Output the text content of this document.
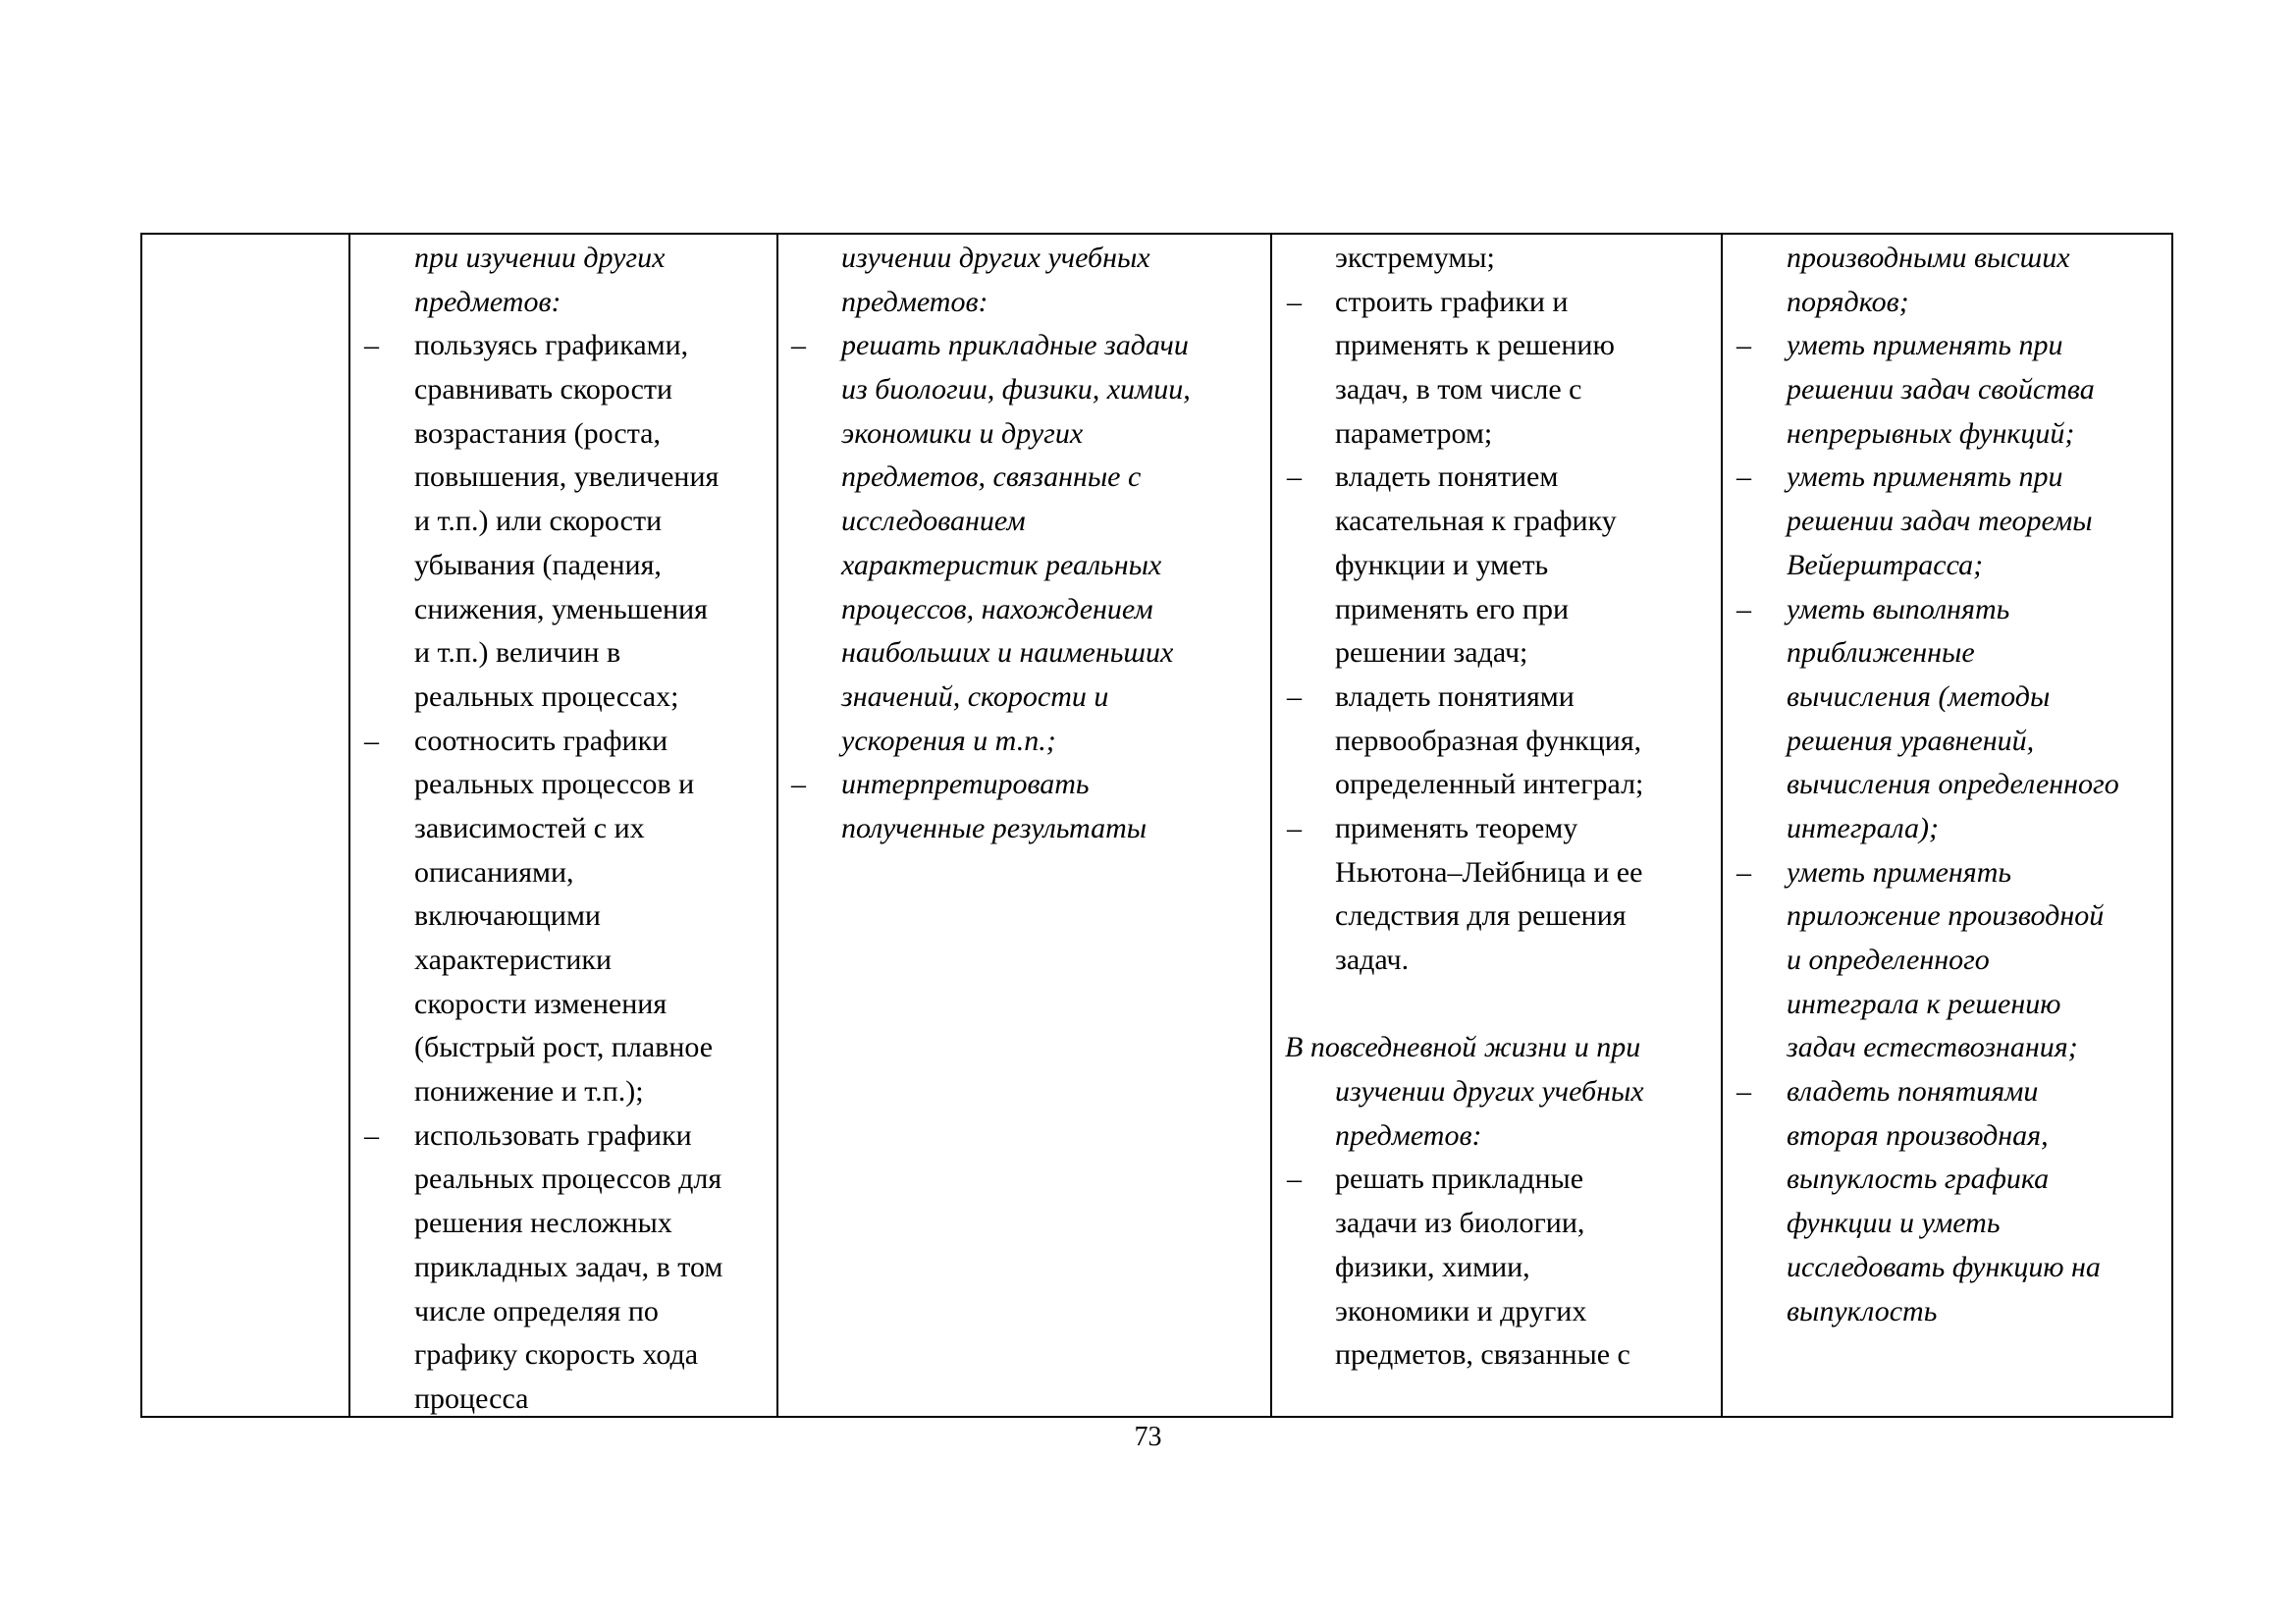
при изучении других
предметов:
– пользуясь графиками,
сравнивать скорости
возрастания (роста,
повышения, увеличения
и т.п.) или скорости
убывания (падения,
снижения, уменьшения
и т.п.) величин в
реальных процессах;
– соотносить графики
реальных процессов и
зависимостей с их
описаниями,
включающими
характеристики
скорости изменения
(быстрый рост, плавное
понижение и т.п.);
– использовать графики
реальных процессов для
решения несложных
прикладных задач, в том
числе определяя по
графику скорость хода
процесса
изучении других учебных
предметов:
– решать прикладные задачи
из биологии, физики, химии,
экономики и других
предметов, связанные с
исследованием
характеристик реальных
процессов, нахождением
наибольших и наименьших
значений, скорости и
ускорения и т.п.;
– интерпретировать
полученные результаты
экстремумы;
– строить графики и
применять к решению
задач, в том числе с
параметром;
– владеть понятием
касательная к графику
функции и уметь
применять его при
решении задач;
– владеть понятиями
первообразная функция,
определенный интеграл;
– применять теорему
Ньютона–Лейбница и ее
следствия для решения
задач.
В повседневной жизни и при
изучении других учебных
предметов:
– решать прикладные
задачи из биологии,
физики, химии,
экономики и других
предметов, связанные с
производными высших
порядков;
– уметь применять при
решении задач свойства
непрерывных функций;
– уметь применять при
решении задач теоремы
Вейерштрасса;
– уметь выполнять
приближенные
вычисления (методы
решения уравнений,
вычисления определенного
интеграла);
– уметь применять
приложение производной
и определенного
интеграла к решению
задач естествознания;
– владеть понятиями
вторая производная,
выпуклость графика
функции и уметь
исследовать функцию на
выпуклость
73
